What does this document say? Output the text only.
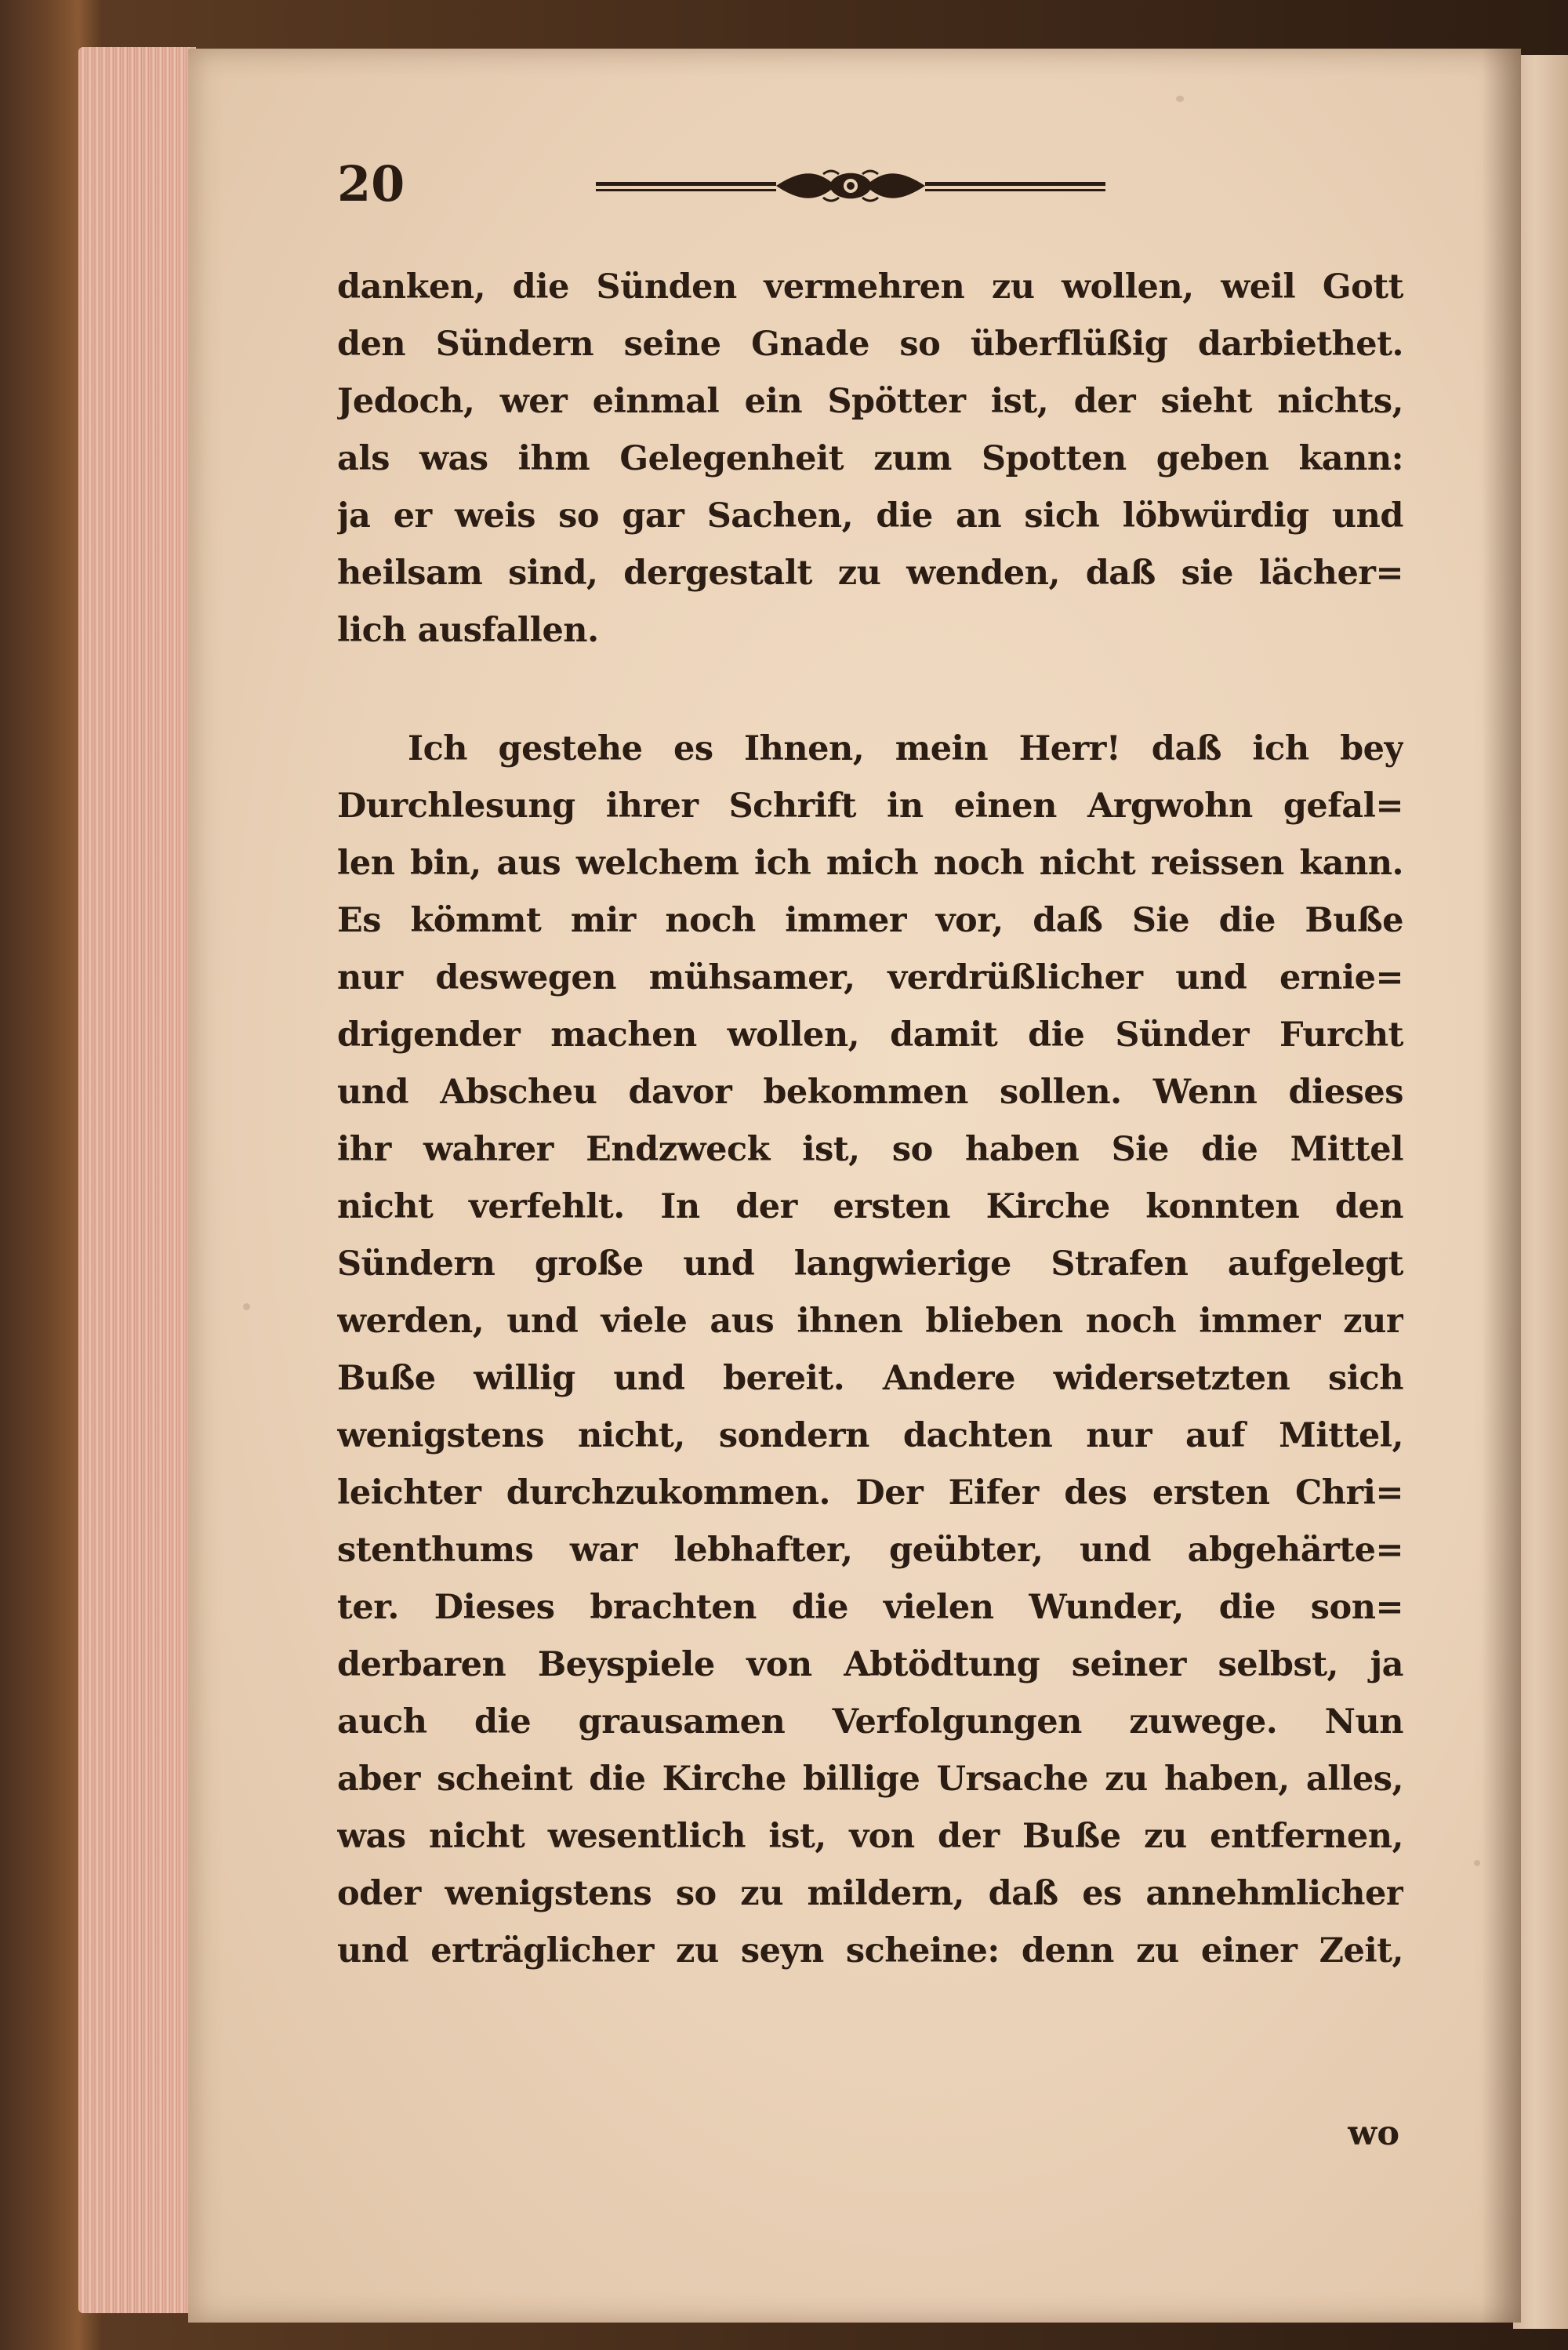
20
danken, die Sünden vermehren zu wollen, weil Gott
den Sündern seine Gnade so überflüßig darbiethet.
Jedoch, wer einmal ein Spötter ist, der sieht nichts,
als was ihm Gelegenheit zum Spotten geben kann:
ja er weis so gar Sachen, die an sich löbwürdig und
heilsam sind, dergestalt zu wenden, daß sie lächer=
lich ausfallen.
Ich gestehe es Ihnen, mein Herr! daß ich bey
Durchlesung ihrer Schrift in einen Argwohn gefal=
len bin, aus welchem ich mich noch nicht reissen kann.
Es kömmt mir noch immer vor, daß Sie die Buße
nur deswegen mühsamer, verdrüßlicher und ernie=
drigender machen wollen, damit die Sünder Furcht
und Abscheu davor bekommen sollen. Wenn dieses
ihr wahrer Endzweck ist, so haben Sie die Mittel
nicht verfehlt. In der ersten Kirche konnten den
Sündern große und langwierige Strafen aufgelegt
werden, und viele aus ihnen blieben noch immer zur
Buße willig und bereit. Andere widersetzten sich
wenigstens nicht, sondern dachten nur auf Mittel,
leichter durchzukommen. Der Eifer des ersten Chri=
stenthums war lebhafter, geübter, und abgehärte=
ter. Dieses brachten die vielen Wunder, die son=
derbaren Beyspiele von Abtödtung seiner selbst, ja
auch die grausamen Verfolgungen zuwege. Nun
aber scheint die Kirche billige Ursache zu haben, alles,
was nicht wesentlich ist, von der Buße zu entfernen,
oder wenigstens so zu mildern, daß es annehmlicher
und erträglicher zu seyn scheine: denn zu einer Zeit,
wo
